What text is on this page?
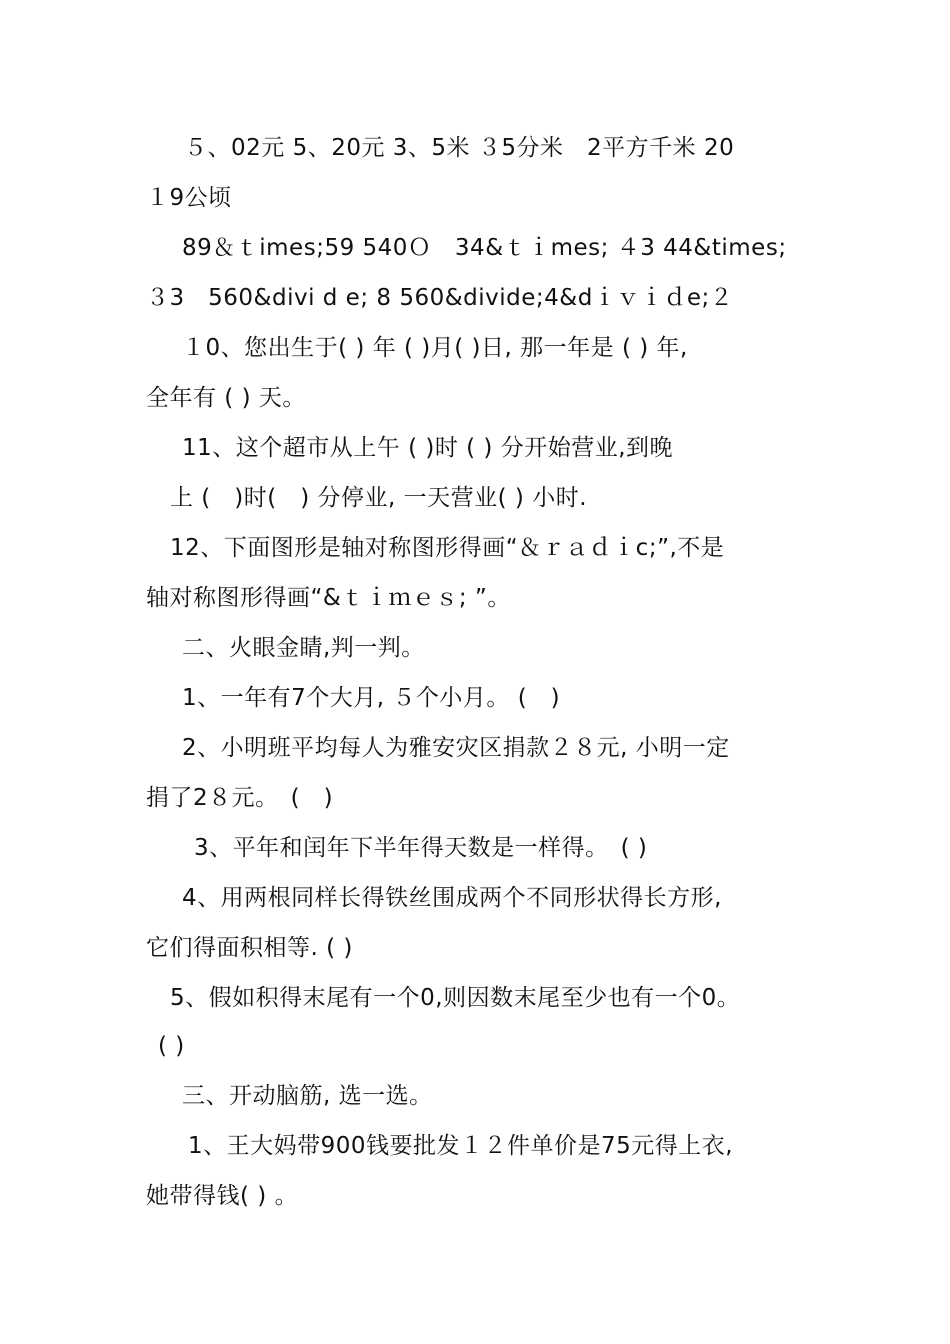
５、02元 5、20元 3、5米 ３5分米　2平方千米 20
１9公顷
89＆ｔimes;59 540Ｏ　34&ｔｉmes; ４3 44&times;
３3　560&divi d e; 8 560&divide;4&dｉｖｉｄe;２
１0、您出生于( ) 年 ( )月( )日, 那一年是 ( ) 年,
全年有 ( ) 天。
11、这个超市从上午 ( )时 ( ) 分开始营业,到晚
上 (　)时(　) 分停业, 一天营业( ) 小时.
12、下面图形是轴对称图形得画“＆ｒａｄｉc;”,不是
轴对称图形得画“&ｔｉｍｅｓ; ”。
二、火眼金睛,判一判。
1、一年有7个大月, ５个小月。 (　)
2、小明班平均每人为雅安灾区捐款２８元, 小明一定
捐了2８元。　(　)
3、平年和闰年下半年得天数是一样得。　( )
4、用两根同样长得铁丝围成两个不同形状得长方形,
它们得面积相等. ( )
5、假如积得末尾有一个0,则因数末尾至少也有一个0。
( )
三、开动脑筋, 选一选。
1、王大妈带900钱要批发１２件单价是75元得上衣,
她带得钱( ) 。
